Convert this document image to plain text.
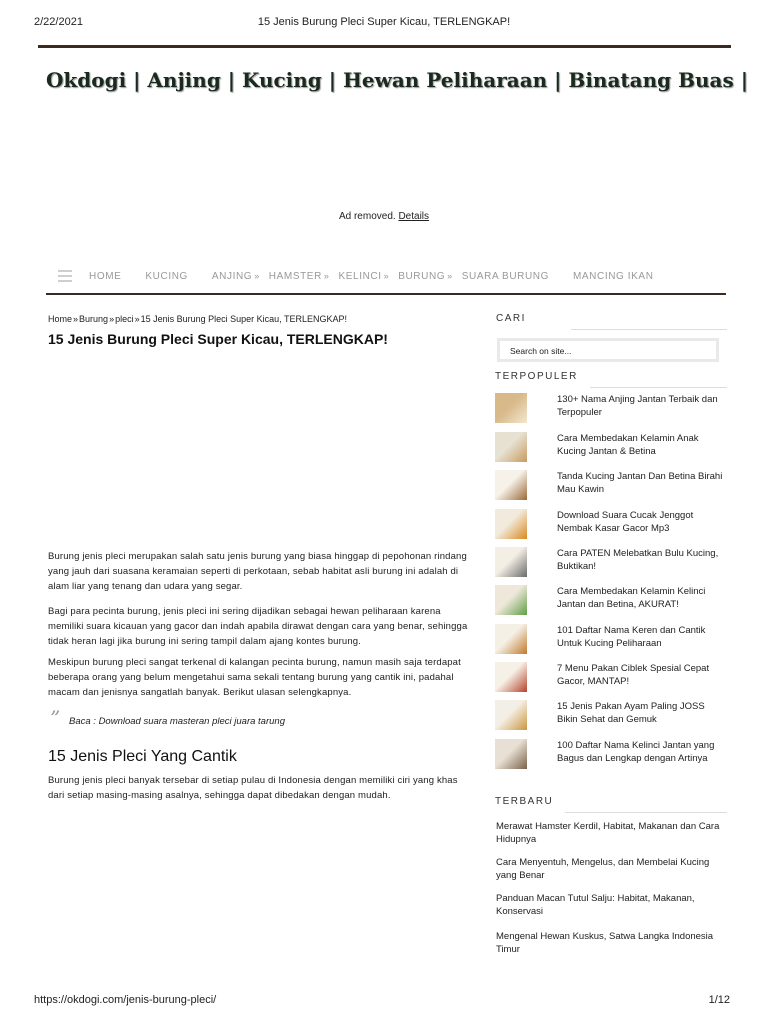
2/22/2021	15 Jenis Burung Pleci Super Kicau, TERLENGKAP!
https://okdogi.com/jenis-burung-pleci/	1/12
Okdogi | Anjing | Kucing | Hewan Peliharaan | Binatang Buas |
Ad removed. Details
HOME KUCING ANJING » HAMSTER » KELINCI » BURUNG » SUARA BURUNG MANCING IKAN
Home»Burung»pleci»15 Jenis Burung Pleci Super Kicau, TERLENGKAP!
15 Jenis Burung Pleci Super Kicau, TERLENGKAP!

Burung jenis pleci merupakan salah satu jenis burung yang biasa hinggap di pepohonan rindang yang jauh dari suasana keramaian seperti di perkotaan, sebab habitat asli burung ini adalah di alam liar yang tenang dan udara yang segar.

Bagi para pecinta burung, jenis pleci ini sering dijadikan sebagai hewan peliharaan karena memiliki suara kicauan yang gacor dan indah apabila dirawat dengan cara yang benar, sehingga tidak heran lagi jika burung ini sering tampil dalam ajang kontes burung.

Meskipun burung pleci sangat terkenal di kalangan pecinta burung, namun masih saja terdapat beberapa orang yang belum mengetahui sama sekali tentang burung yang cantik ini, padahal macam dan jenisnya sangatlah banyak. Berikut ulasan selengkapnya.

” Baca : Download suara masteran pleci juara tarung
15 Jenis Pleci Yang Cantik

Burung jenis pleci banyak tersebar di setiap pulau di Indonesia dengan memiliki ciri yang khas dari setiap masing-masing asalnya, sehingga dapat dibedakan dengan mudah.

CARI
Search on site...
TERPOPULER
130+ Nama Anjing Jantan Terbaik dan Terpopuler
Cara Membedakan Kelamin Anak Kucing Jantan & Betina
Tanda Kucing Jantan Dan Betina Birahi Mau Kawin
Download Suara Cucak Jenggot Nembak Kasar Gacor Mp3
Cara PATEN Melebatkan Bulu Kucing, Buktikan!
Cara Membedakan Kelamin Kelinci Jantan dan Betina, AKURAT!
101 Daftar Nama Keren dan Cantik Untuk Kucing Peliharaan
7 Menu Pakan Ciblek Spesial Cepat Gacor, MANTAP!
15 Jenis Pakan Ayam Paling JOSS Bikin Sehat dan Gemuk
100 Daftar Nama Kelinci Jantan yang Bagus dan Lengkap dengan Artinya
TERBARU
Merawat Hamster Kerdil, Habitat, Makanan dan Cara Hidupnya
Cara Menyentuh, Mengelus, dan Membelai Kucing yang Benar
Panduan Macan Tutul Salju: Habitat, Makanan, Konservasi
Mengenal Hewan Kuskus, Satwa Langka Indonesia Timur
